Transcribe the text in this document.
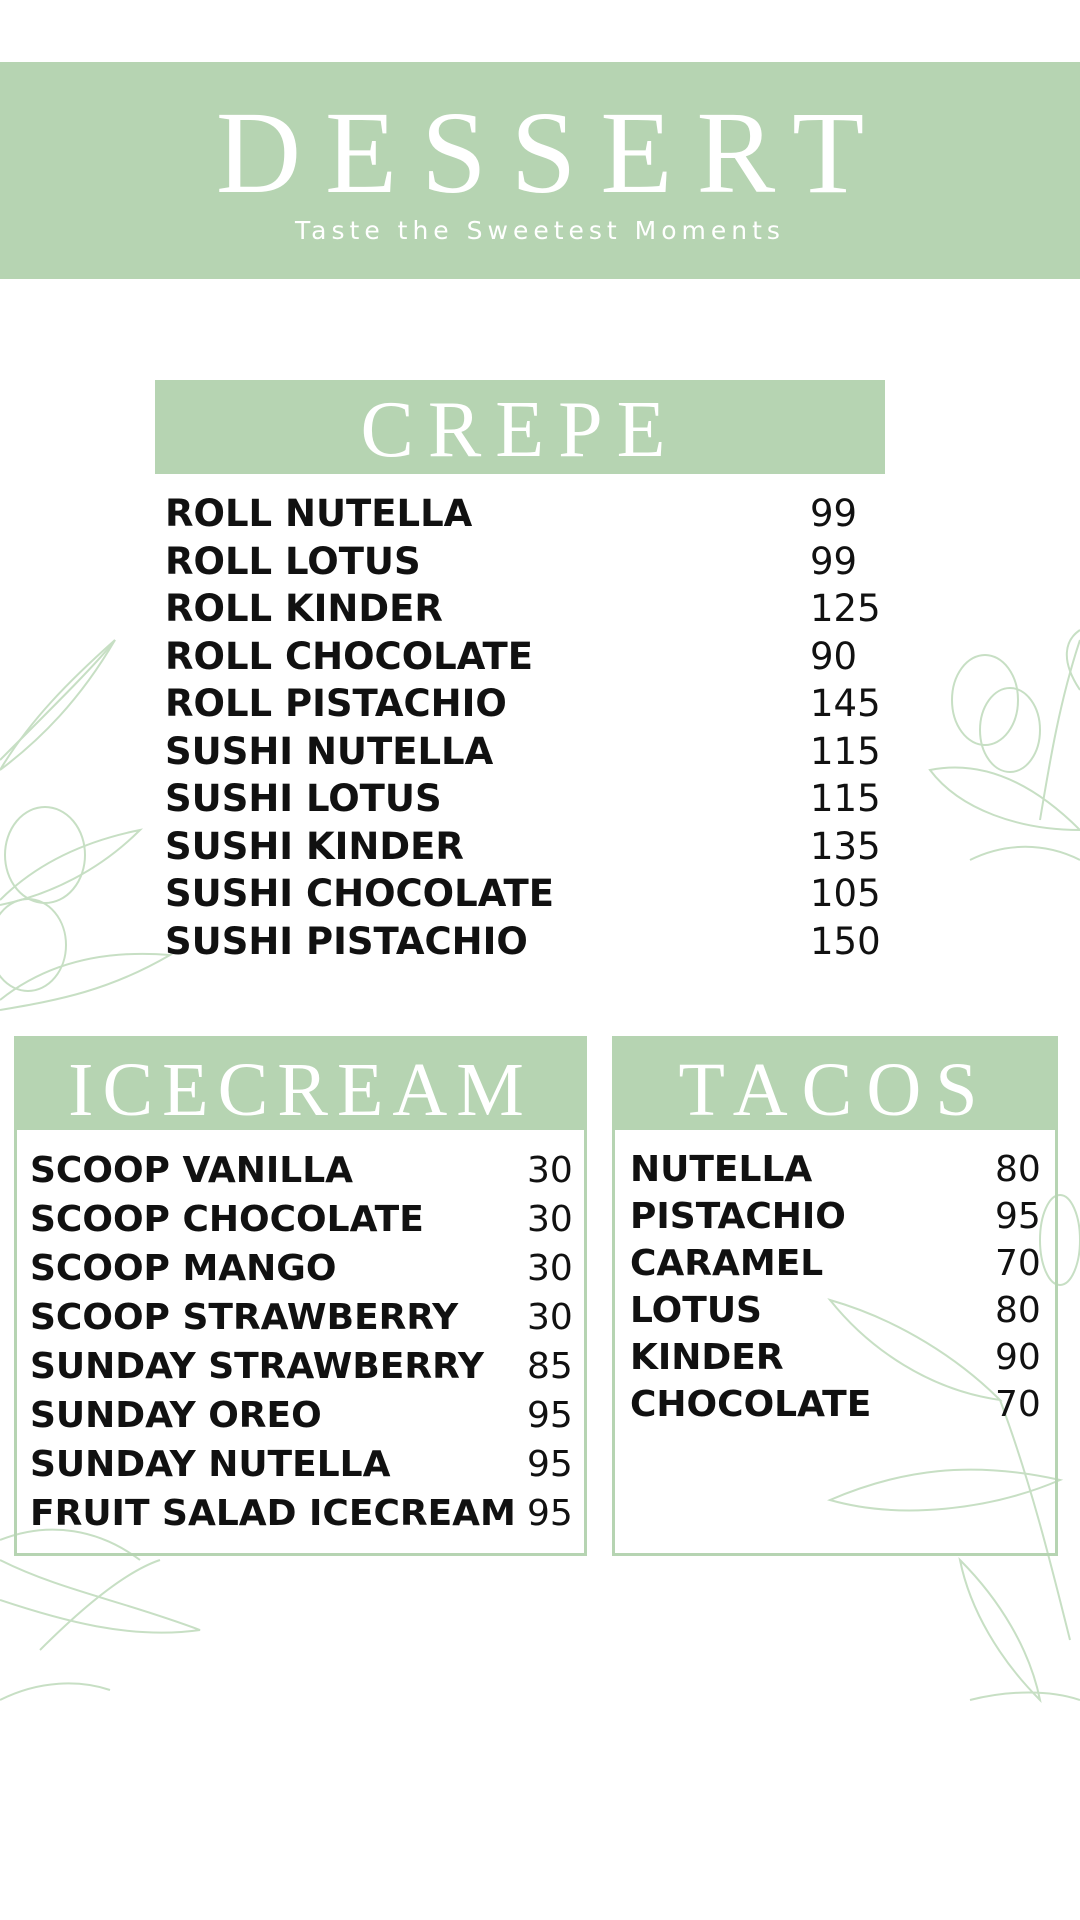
DESSERT
Taste the Sweetest Moments
CREPE
ROLL NUTELLA	99
ROLL LOTUS	99
ROLL KINDER	125
ROLL CHOCOLATE	90
ROLL PISTACHIO	145
SUSHI NUTELLA	115
SUSHI LOTUS	115
SUSHI KINDER	135
SUSHI CHOCOLATE	105
SUSHI PISTACHIO	150
ICECREAM
SCOOP VANILLA	30
SCOOP CHOCOLATE	30
SCOOP MANGO	30
SCOOP STRAWBERRY 30
SUNDAY STRAWBERRY 85
SUNDAY OREO	95
SUNDAY NUTELLA	95
FRUIT SALAD ICECREAM 95
TACOS
NUTELLA	80
PISTACHIO	95
CARAMEL	70
LOTUS	80
KINDER	90
CHOCOLATE	70
